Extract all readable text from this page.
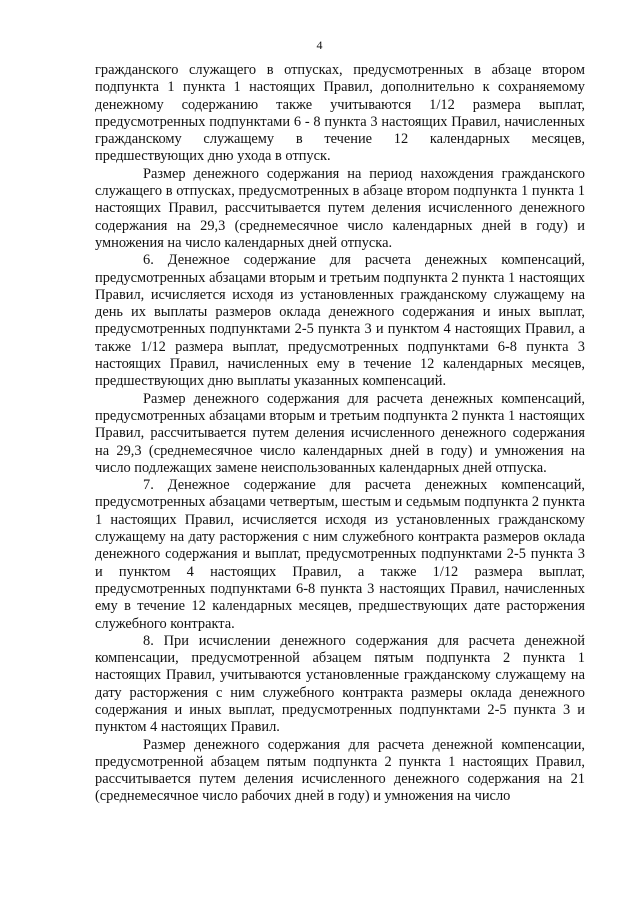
4

гражданского служащего в отпусках, предусмотренных в абзаце втором подпункта 1 пункта 1 настоящих Правил, дополнительно к сохраняемому денежному содержанию также учитываются 1/12 размера выплат, предусмотренных подпунктами 6 - 8 пункта 3 настоящих Правил, начисленных гражданскому служащему в течение 12 календарных месяцев, предшествующих дню ухода в отпуск.

Размер денежного содержания на период нахождения гражданского служащего в отпусках, предусмотренных в абзаце втором подпункта 1 пункта 1 настоящих Правил, рассчитывается путем деления исчисленного денежного содержания на 29,3 (среднемесячное число календарных дней в году) и умножения на число календарных дней отпуска.

6. Денежное содержание для расчета денежных компенсаций, предусмотренных абзацами вторым и третьим подпункта 2 пункта 1 настоящих Правил, исчисляется исходя из установленных гражданскому служащему на день их выплаты размеров оклада денежного содержания и иных выплат, предусмотренных подпунктами 2-5 пункта 3 и пунктом 4 настоящих Правил, а также 1/12 размера выплат, предусмотренных подпунктами 6-8 пункта 3 настоящих Правил, начисленных ему в течение 12 календарных месяцев, предшествующих дню выплаты указанных компенсаций.

Размер денежного содержания для расчета денежных компенсаций, предусмотренных абзацами вторым и третьим подпункта 2 пункта 1 настоящих Правил, рассчитывается путем деления исчисленного денежного содержания на 29,3 (среднемесячное число календарных дней в году) и умножения на число подлежащих замене неиспользованных календарных дней отпуска.

7. Денежное содержание для расчета денежных компенсаций, предусмотренных абзацами четвертым, шестым и седьмым подпункта 2 пункта 1 настоящих Правил, исчисляется исходя из установленных гражданскому служащему на дату расторжения с ним служебного контракта размеров оклада денежного содержания и выплат, предусмотренных подпунктами 2-5 пункта 3 и пунктом 4 настоящих Правил, а также 1/12 размера выплат, предусмотренных подпунктами 6-8 пункта 3 настоящих Правил, начисленных ему в течение 12 календарных месяцев, предшествующих дате расторжения служебного контракта.

8. При исчислении денежного содержания для расчета денежной компенсации, предусмотренной абзацем пятым подпункта 2 пункта 1 настоящих Правил, учитываются установленные гражданскому служащему на дату расторжения с ним служебного контракта размеры оклада денежного содержания и иных выплат, предусмотренных подпунктами 2-5 пункта 3 и пунктом 4 настоящих Правил.

Размер денежного содержания для расчета денежной компенсации, предусмотренной абзацем пятым подпункта 2 пункта 1 настоящих Правил, рассчитывается путем деления исчисленного денежного содержания на 21 (среднемесячное число рабочих дней в году) и умножения на число
